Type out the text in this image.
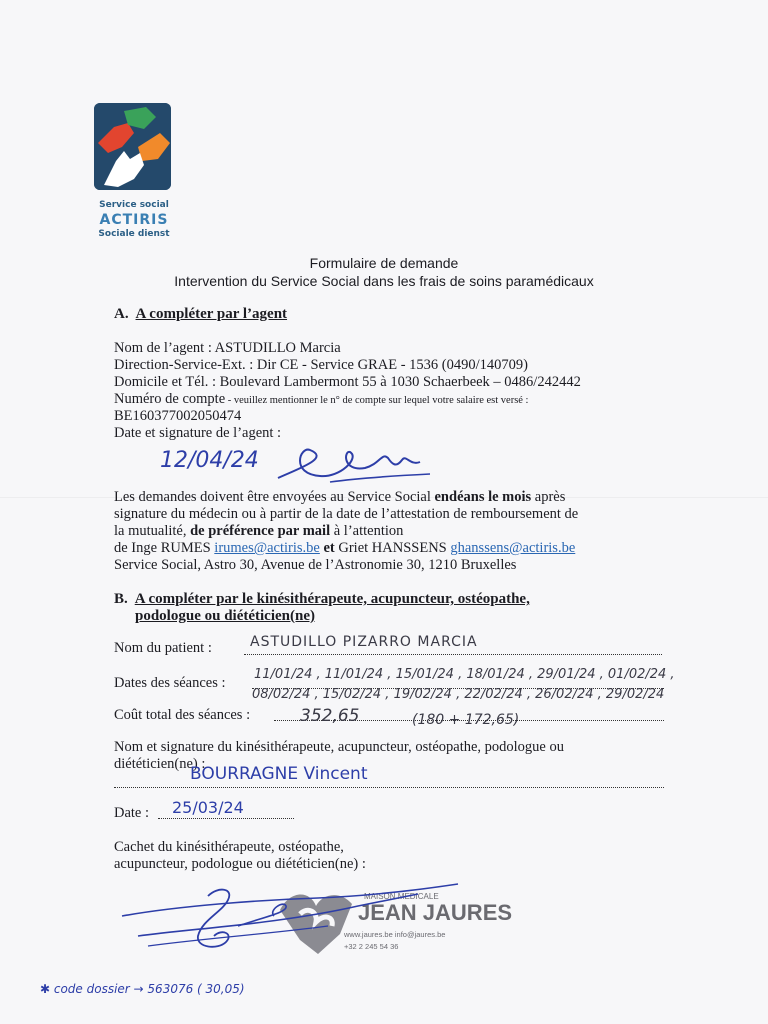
Service social
ACTIRIS
Sociale dienst
Formulaire de demande
Intervention du Service Social dans les frais de soins paramédicaux
A. A compléter par l’agent
Nom de l’agent : ASTUDILLO Marcia
Direction-Service-Ext. : Dir CE - Service GRAE - 1536 (0490/140709)
Domicile et Tél. : Boulevard Lambermont 55 à 1030 Schaerbeek – 0486/242442
Numéro de compte - veuillez mentionner le n° de compte sur lequel votre salaire est versé :
BE160377002050474
Date et signature de l’agent :
12/04/24
Les demandes doivent être envoyées au Service Social endéans le mois après
signature du médecin ou à partir de la date de l’attestation de remboursement de
la mutualité, de préférence par mail à l’attention
de Inge RUMES irumes@actiris.be et Griet HANSSENS ghanssens@actiris.be
Service Social, Astro 30, Avenue de l’Astronomie 30, 1210 Bruxelles
B. A compléter par le kinésithérapeute, acupuncteur, ostéopathe,
podologue ou diététicien(ne)
Nom du patient :	ASTUDILLO PIZARRO MARCIA
Dates des séances :
11/01/24 , 11/01/24 , 15/01/24 , 18/01/24 , 29/01/24 , 01/02/24 ,
08/02/24 , 15/02/24 , 19/02/24 , 22/02/24 , 26/02/24 , 29/02/24
Coût total des séances :	352,65	(180 + 172,65)
Nom et signature du kinésithérapeute, acupuncteur, ostéopathe, podologue ou
diététicien(ne) :
BOURRAGNE Vincent
Date : 25/03/24
Cachet du kinésithérapeute, ostéopathe,
acupuncteur, podologue ou diététicien(ne) :
MAISON MEDICALE
JEAN JAURES
www.jaures.be info@jaures.be
+32 2 245 54 36
✱ code dossier → 563076 ( 30,05)
